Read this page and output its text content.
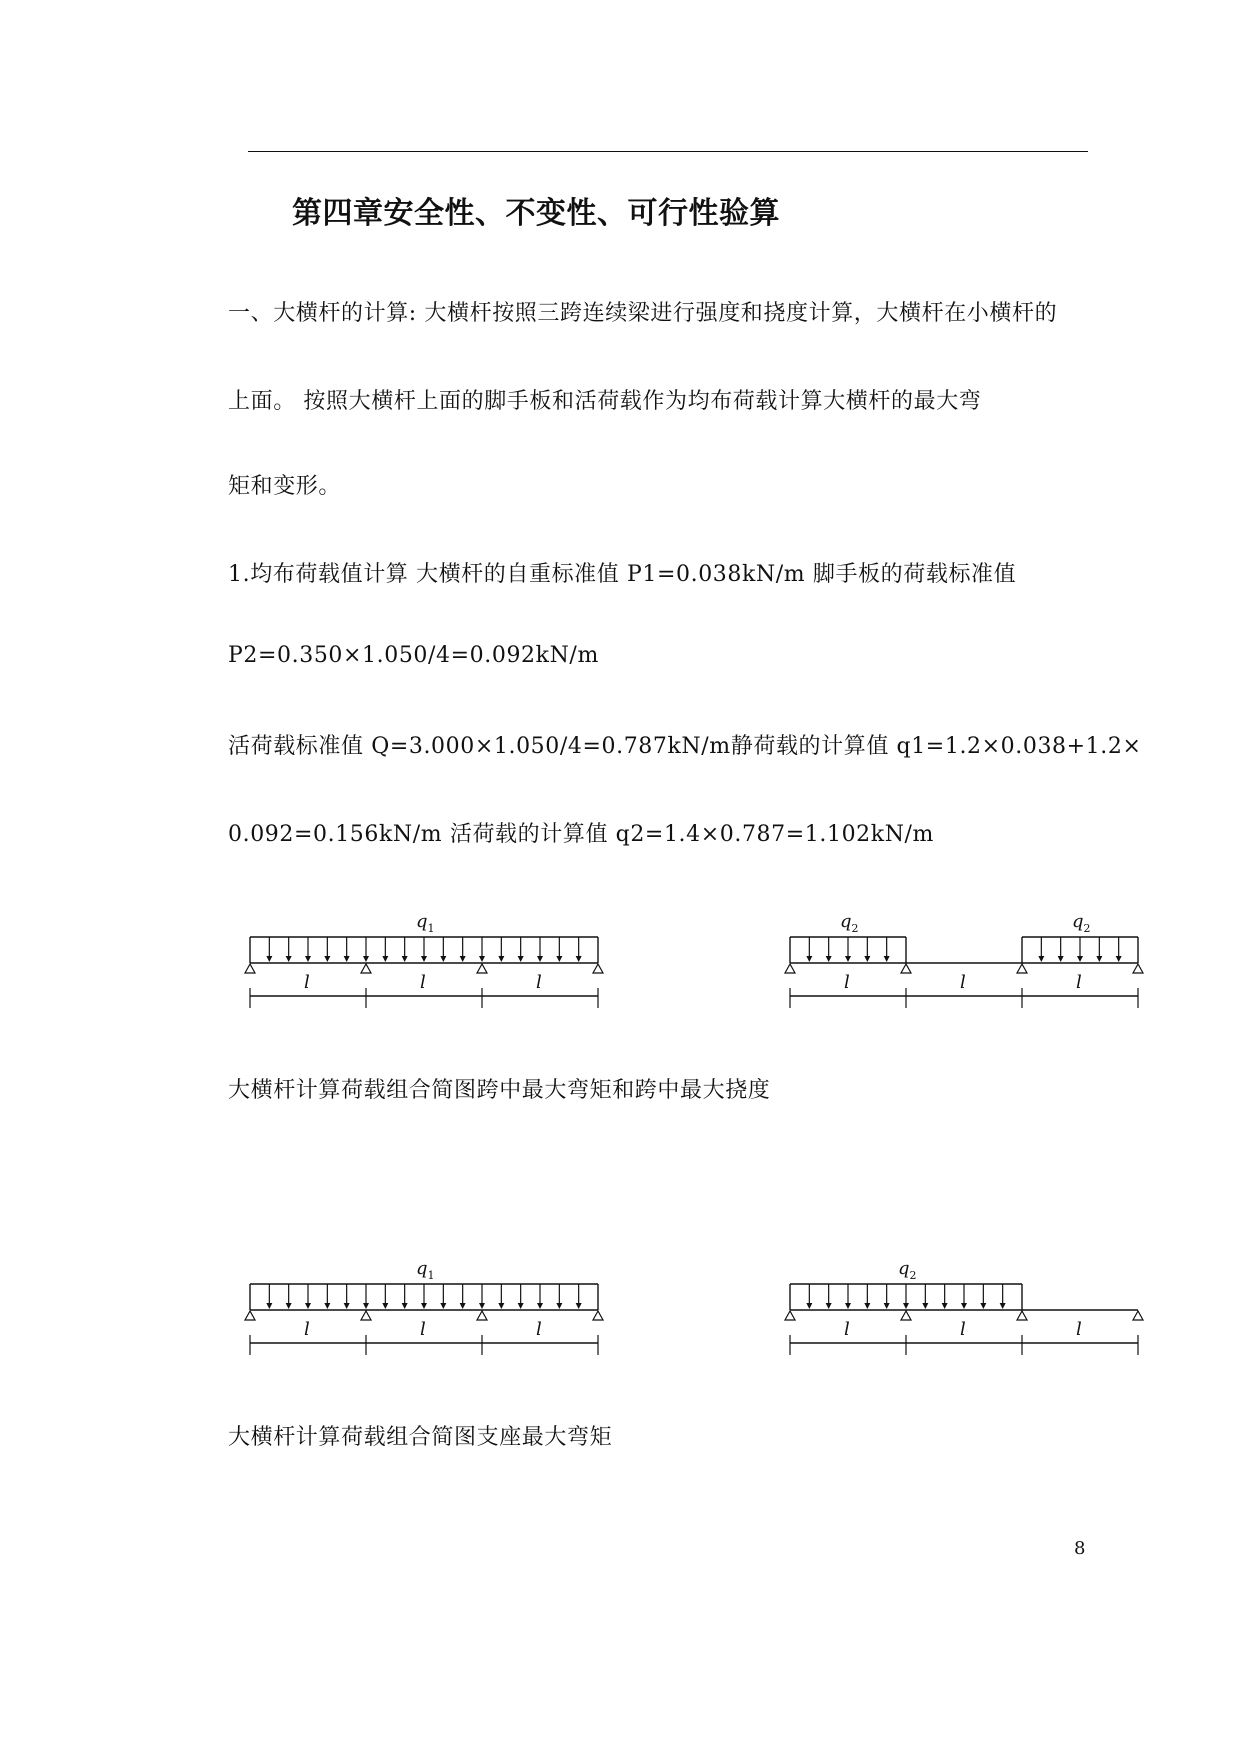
第四章安全性、不变性、可行性验算
一、大横杆的计算: 大横杆按照三跨连续梁进行强度和挠度计算，大横杆在小横杆的
上面。 按照大横杆上面的脚手板和活荷载作为均布荷载计算大横杆的最大弯
矩和变形。
1.均布荷载值计算 大横杆的自重标准值 P1=0.038kN/m 脚手板的荷载标准值
P2=0.350×1.050/4=0.092kN/m
活荷载标准值 Q=3.000×1.050/4=0.787kN/m静荷载的计算值 q1=1.2×0.038+1.2×
0.092=0.156kN/m 活荷载的计算值 q2=1.4×0.787=1.102kN/m
$q_1$
l	l	l
$q_2$	$q_2$
l	l	l
大横杆计算荷载组合简图跨中最大弯矩和跨中最大挠度
$q_1$
l	l	l
$q_2$
l	l	l
大横杆计算荷载组合简图支座最大弯矩
8
